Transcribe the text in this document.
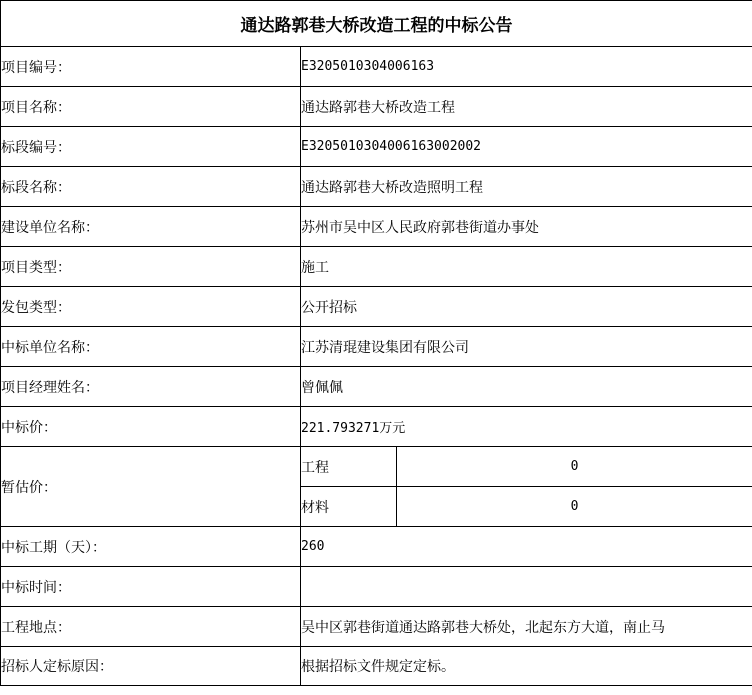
通达路郭巷大桥改造工程的中标公告		
项目编号：	E3205010304006163	
项目名称：	通达路郭巷大桥改造工程	
标段编号：	E3205010304006163002002	
标段名称：	通达路郭巷大桥改造照明工程	
建设单位名称：	苏州市吴中区人民政府郭巷街道办事处	
项目类型：	施工	
发包类型：	公开招标	
中标单位名称：	江苏清琨建设集团有限公司	
项目经理姓名：	曾佩佩	
中标价：	221.793271万元	
暂估价：	工程	0
	材料	0
中标工期（天）：	260	
中标时间：		
工程地点：	吴中区郭巷街道通达路郭巷大桥处，北起东方大道，南止马	
招标人定标原因：	根据招标文件规定定标。	
